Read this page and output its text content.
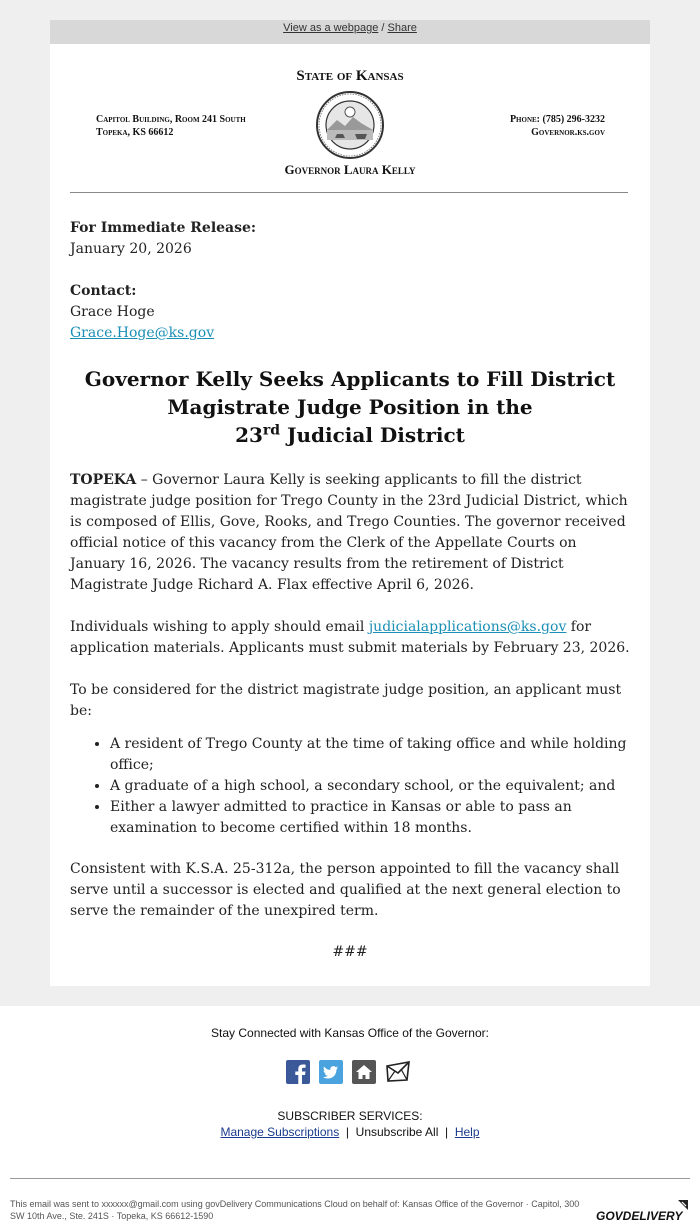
View as a webpage / Share
State of Kansas
Capitol Building, Room 241 South
Topeka, KS 66612
Phone: (785) 296-3232
Governor.ks.gov
Governor Laura Kelly

For Immediate Release:

January 20, 2026

Contact:

Grace Hoge

Grace.Hoge@ks.gov

Governor Kelly Seeks Applicants to Fill District Magistrate Judge Position in the
23rd Judicial District

TOPEKA – Governor Laura Kelly is seeking applicants to fill the district magistrate judge position for Trego County in the 23rd Judicial District, which is composed of Ellis, Gove, Rooks, and Trego Counties. The governor received official notice of this vacancy from the Clerk of the Appellate Courts on January 16, 2026. The vacancy results from the retirement of District Magistrate Judge Richard A. Flax effective April 6, 2026.

Individuals wishing to apply should email judicialapplications@ks.gov for application materials. Applicants must submit materials by February 23, 2026.

To be considered for the district magistrate judge position, an applicant must be:

• A resident of Trego County at the time of taking office and while holding office;
• A graduate of a high school, a secondary school, or the equivalent; and
• Either a lawyer admitted to practice in Kansas or able to pass an examination to become certified within 18 months.

Consistent with K.S.A. 25-312a, the person appointed to fill the vacancy shall serve until a successor is elected and qualified at the next general election to serve the remainder of the unexpired term.

###

Stay Connected with Kansas Office of the Governor:
SUBSCRIBER SERVICES:
Manage Subscriptions | Unsubscribe All | Help
This email was sent to xxxxxx@gmail.com using govDelivery Communications Cloud on behalf of: Kansas Office of the Governor · Capitol, 300 SW 10th Ave., Ste. 241S · Topeka, KS 66612-1590	GOVDELIVERY
